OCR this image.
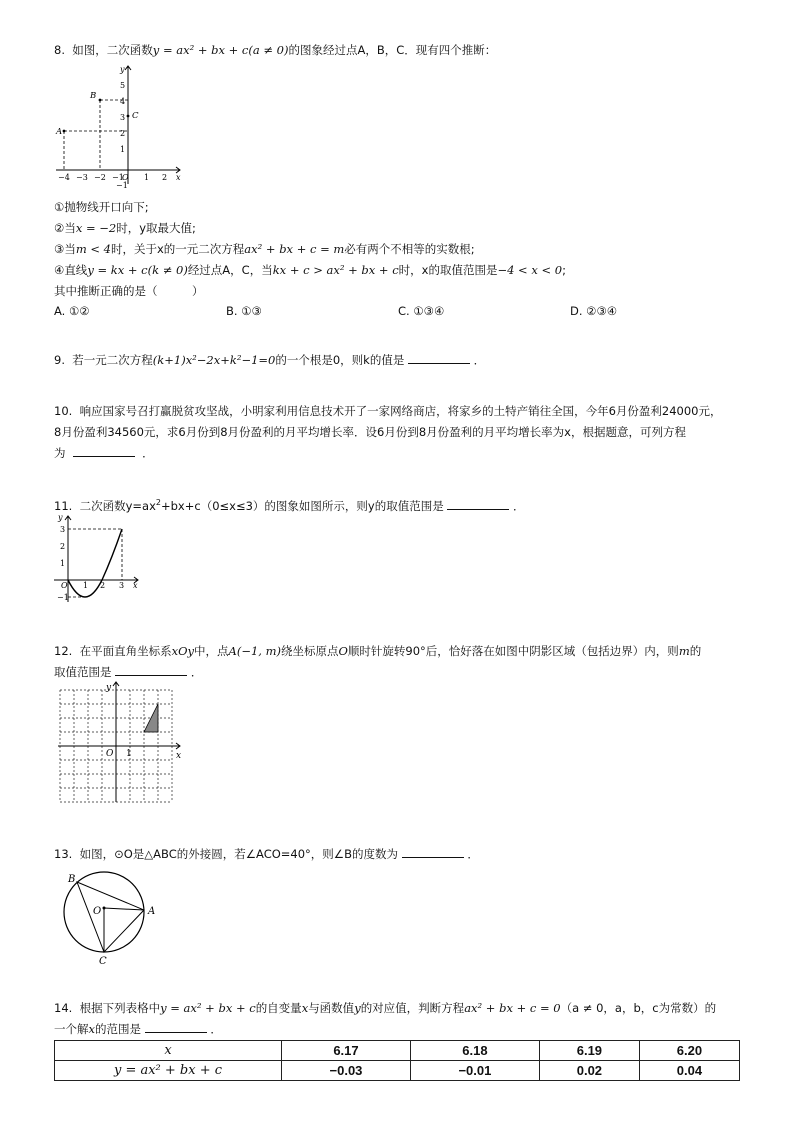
8. 如图，二次函数y = ax² + bx + c(a ≠ 0)的图象经过点A，B，C．现有四个推断：
A
B
C
−4 −3 −2 −1
O 1 2 x
5
4
3
2
1
−1
y
①抛物线开口向下;
②当x = −2时，y取最大值;
③当m < 4时，关于x的一元二次方程ax² + bx + c = m必有两个不相等的实数根;
④直线y = kx + c(k ≠ 0)经过点A，C，当kx + c > ax² + bx + c时，x的取值范围是−4 < x < 0;
其中推断正确的是（　　　）
A. ①②	B. ①③	C. ①③④	D. ②③④
9. 若一元二次方程(k+1)x²−2x+k²−1=0的一个根是0，则k的值是	．
10. 响应国家号召打赢脱贫攻坚战，小明家利用信息技术开了一家网络商店，将家乡的土特产销往全国，今年6月份盈利24000元，
8月份盈利34560元，求6月份到8月份盈利的月平均增长率．设6月份到8月份盈利的月平均增长率为x，根据题意，可列方程
为	．
11. 二次函数$y=ax^2+bx+c(0\le x\le 3)$的图象如图所示，则y的取值范围是	．
O 1 2 3 x
3
2
1
−1
y
12. 在平面直角坐标系xOy中，点A(−1, m)绕坐标原点O顺时针旋转90°后，恰好落在如图中阴影区域（包括边界）内，则m的
取值范围是	．
y
O 1	x
13. 如图，⊙O是△ABC的外接圆，若∠ACO=40°，则∠B的度数为	．
B
O	A
C
14. 根据下列表格中y = ax² + bx + c的自变量x与函数值y的对应值，判断方程ax² + bx + c = 0（a ≠ 0，a，b，c为常数）的
一个解x的范围是	．
x	6.17	6.18	6.19	6.20
y = ax² + bx + c	−0.03	−0.01	0.02	0.04
